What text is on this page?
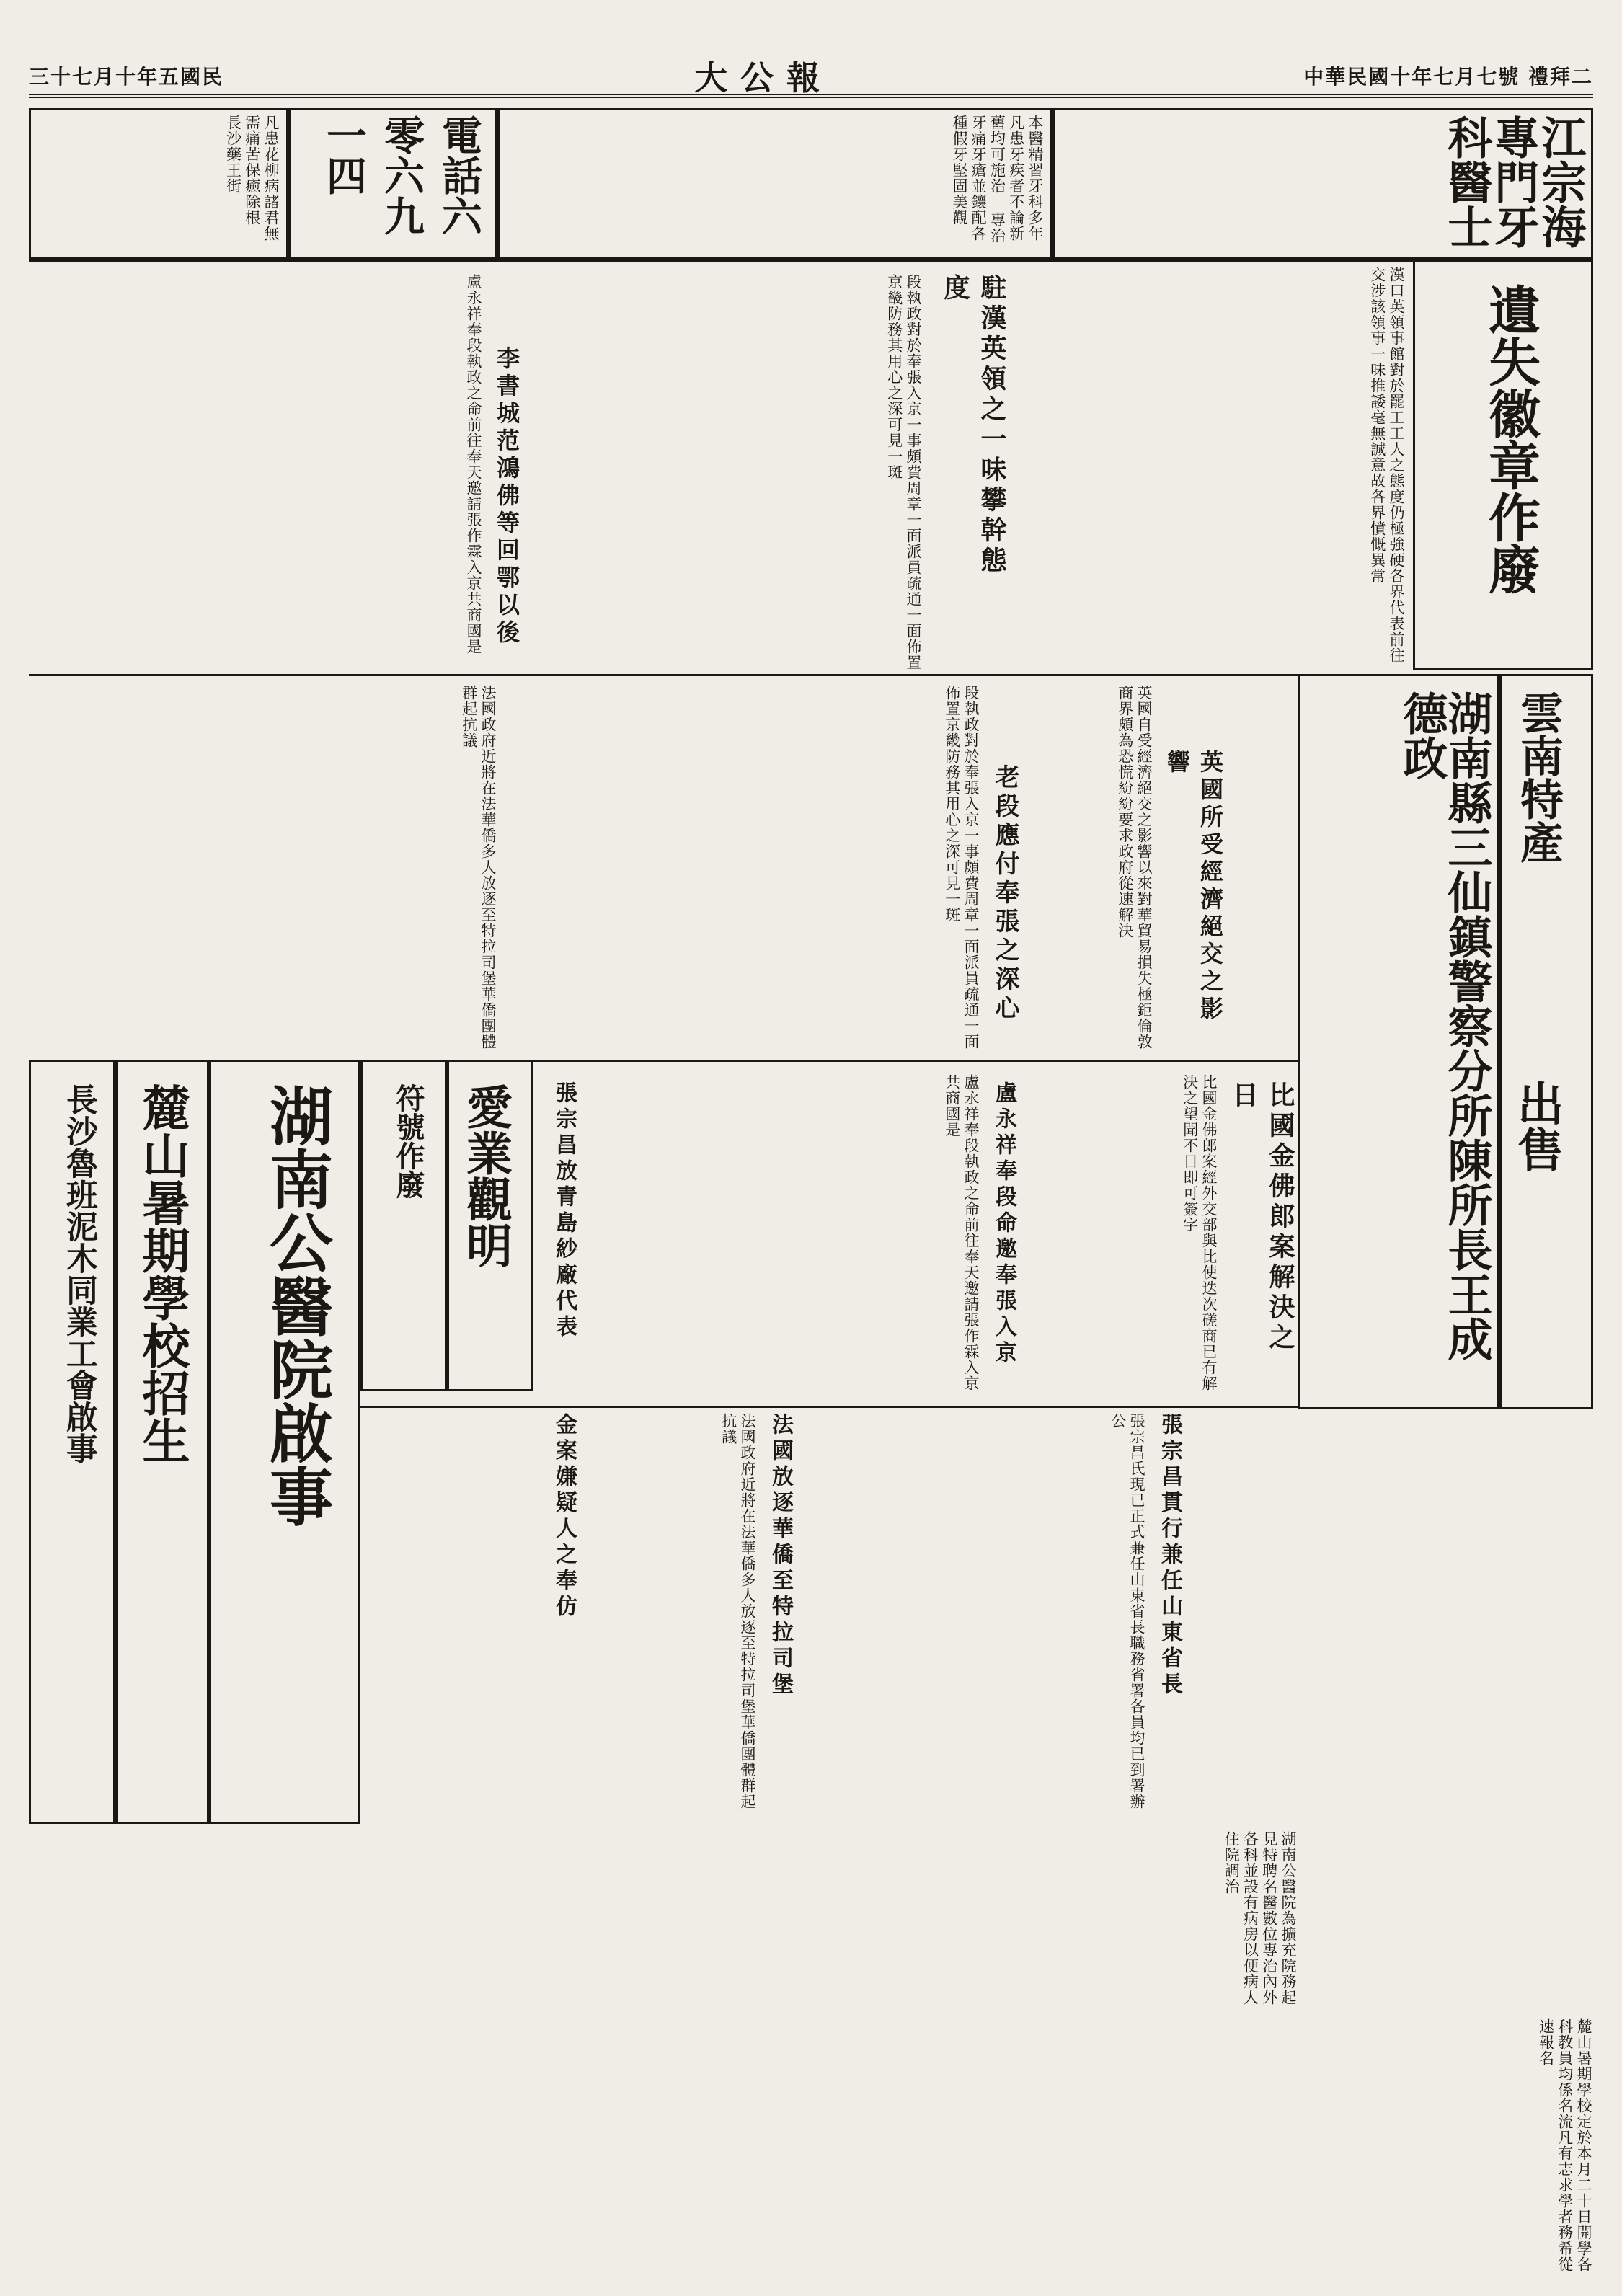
三十七月十年五國民	大公報	中華民國十年七月七號 禮拜二
江宗海專門牙科醫士
本醫精習牙科多年凡患牙疾者不論新舊均可施治 專治牙痛牙瘡並鑲配各種假牙堅固美觀
電話六零六九一四
凡患花柳病諸君無需痛苦保癒除根 長沙藥王街
遺失徽章作廢
駐漢英領之一味攀幹態度	漢口英領事館對於罷工工人之態度仍極強硬各界代表前往交涉該領事一味推諉毫無誠意故各界憤慨異常
段執政對於奉張入京一事頗費周章一面派員疏通一面佈置京畿防務其用心之深可見一斑
李書城范鴻佛等回鄂以後
盧永祥奉段執政之命前往奉天邀請張作霖入京共商國是
英國所受經濟絕交之影響
英國自受經濟絕交之影響以來對華貿易損失極鉅倫敦商界頗為恐慌紛紛要求政府從速解決
老段應付奉張之深心
段執政對於奉張入京一事頗費周章一面派員疏通一面佈置京畿防務其用心之深可見一斑
法國政府近將在法華僑多人放逐至特拉司堡華僑團體群起抗議	雲南特產
出售
湖南縣三仙鎮警察分所陳所長王成德政
比國金佛郎案解決之日
比國金佛郎案經外交部與比使迭次磋商已有解決之望聞不日即可簽字
張宗昌貫行兼任山東省長
張宗昌氏現已正式兼任山東省長職務省署各員均已到署辦公
盧永祥奉段命邀奉張入京
盧永祥奉段執政之命前往奉天邀請張作霖入京共商國是
法國放逐華僑至特拉司堡
法國政府近將在法華僑多人放逐至特拉司堡華僑團體群起抗議
金案嫌疑人之奉仿
張宗昌放青島紗廠代表
愛業觀明
符號作廢
湖南公醫院啟事
麓山暑期學校招生
長沙魯班泥木同業工會啟事
湖南公醫院為擴充院務起見特聘名醫數位專治內外各科並設有病房以便病人住院調治
麓山暑期學校定於本月二十日開學各科教員均係名流凡有志求學者務希從速報名
